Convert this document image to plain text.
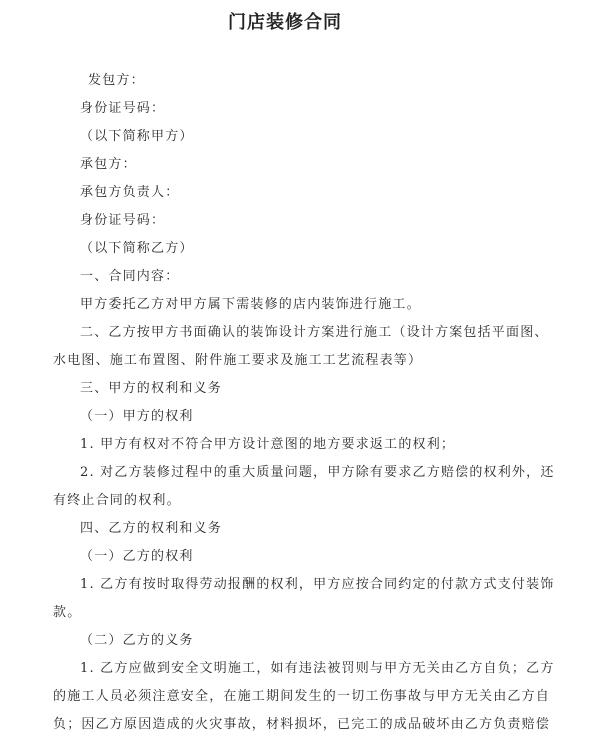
门店装修合同
发包方：
身份证号码：
（以下简称甲方）
承包方：
承包方负责人：
身份证号码：
（以下简称乙方）
一、合同内容：
甲方委托乙方对甲方属下需装修的店内装饰进行施工。
二、乙方按甲方书面确认的装饰设计方案进行施工（设计方案包括平面图、
水电图、施工布置图、附件施工要求及施工工艺流程表等）
三、甲方的权利和义务
（一）甲方的权利
1. 甲方有权对不符合甲方设计意图的地方要求返工的权利；
2. 对乙方装修过程中的重大质量问题，甲方除有要求乙方赔偿的权利外，还
有终止合同的权利。
四、乙方的权利和义务
（一）乙方的权利
1. 乙方有按时取得劳动报酬的权利，甲方应按合同约定的付款方式支付装饰
款。
（二）乙方的义务
1. 乙方应做到安全文明施工，如有违法被罚则与甲方无关由乙方自负；乙方
的施工人员必须注意安全，在施工期间发生的一切工伤事故与甲方无关由乙方自
负；因乙方原因造成的火灾事故，材料损坏，已完工的成品破坏由乙方负责赔偿
